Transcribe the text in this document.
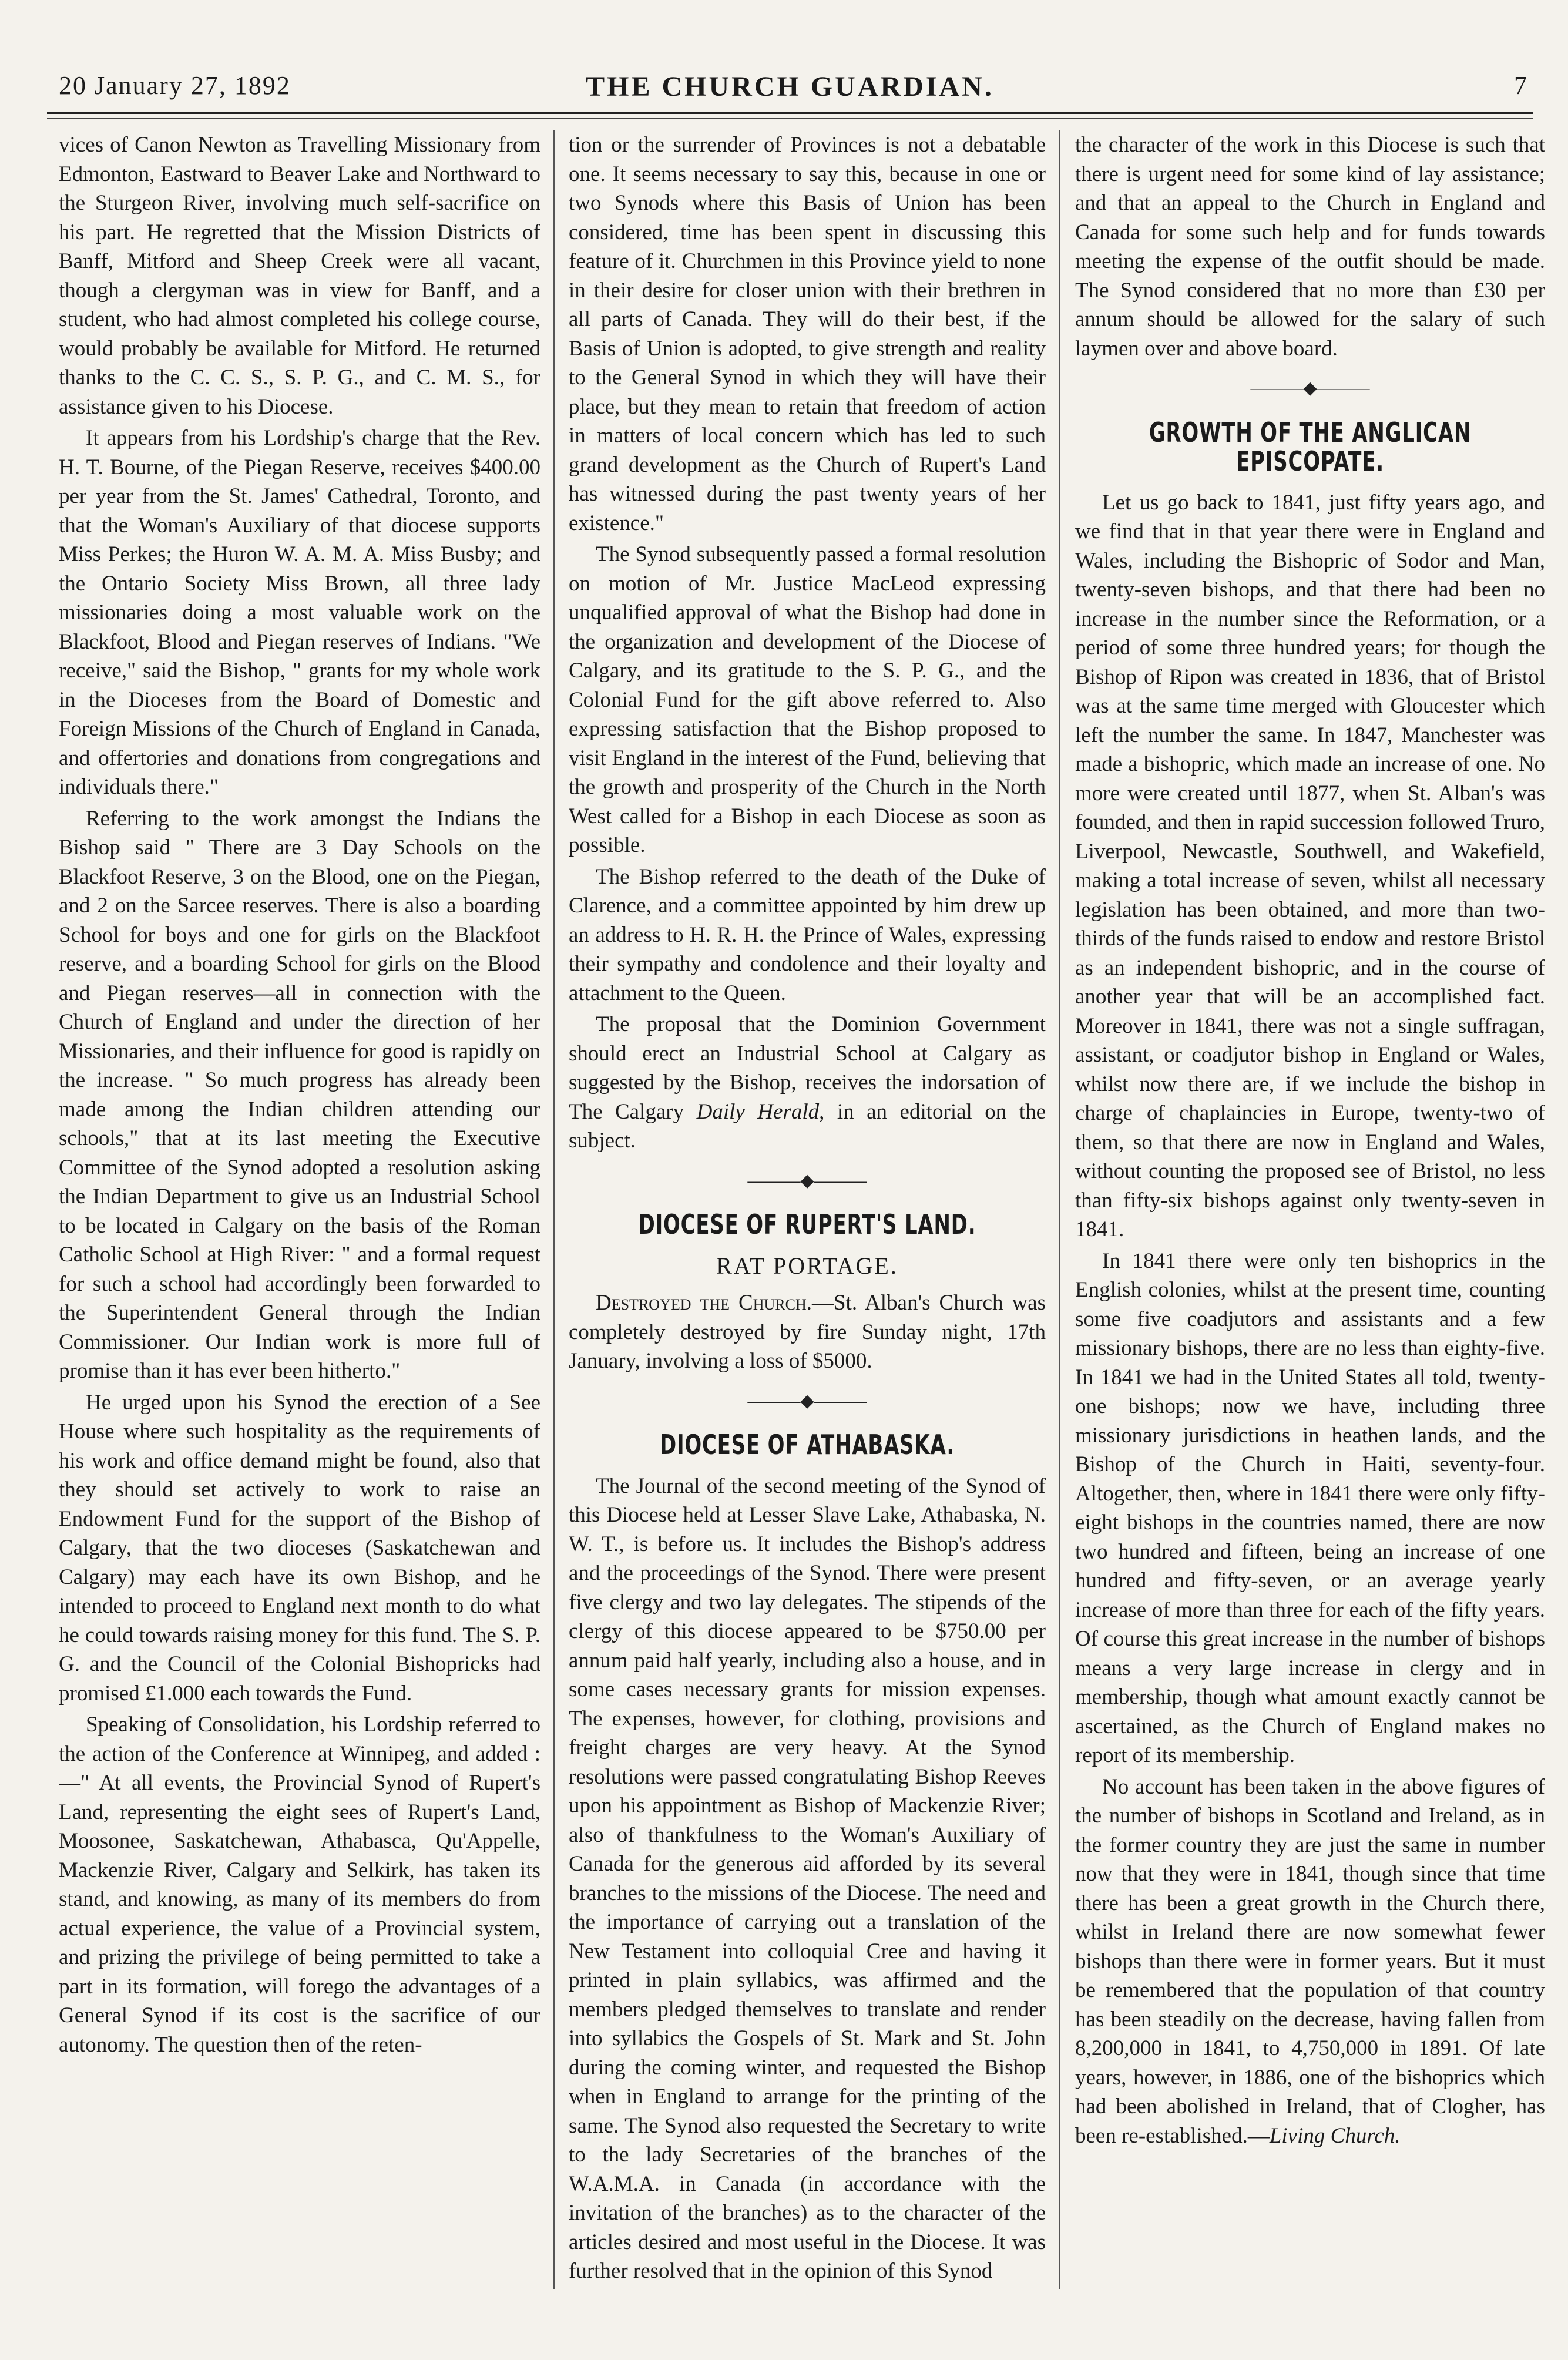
20 January 27, 1892	THE CHURCH GUARDIAN.	7

vices of Canon Newton as Travelling Missionary from Edmonton, Eastward to Beaver Lake and Northward to the Sturgeon River, involving much self-sacrifice on his part. He regretted that the Mission Districts of Banff, Mitford and Sheep Creek were all vacant, though a clergyman was in view for Banff, and a student, who had almost completed his college course, would probably be available for Mitford. He returned thanks to the C. C. S., S. P. G., and C. M. S., for assistance given to his Diocese.

It appears from his Lordship's charge that the Rev. H. T. Bourne, of the Piegan Reserve, receives $400.00 per year from the St. James' Cathedral, Toronto, and that the Woman's Auxiliary of that diocese supports Miss Perkes; the Huron W. A. M. A. Miss Busby; and the Ontario Society Miss Brown, all three lady missionaries doing a most valuable work on the Blackfoot, Blood and Piegan reserves of Indians. "We receive," said the Bishop, " grants for my whole work in the Dioceses from the Board of Domestic and Foreign Missions of the Church of England in Canada, and offertories and donations from congregations and individuals there."

Referring to the work amongst the Indians the Bishop said " There are 3 Day Schools on the Blackfoot Reserve, 3 on the Blood, one on the Piegan, and 2 on the Sarcee reserves. There is also a boarding School for boys and one for girls on the Blackfoot reserve, and a boarding School for girls on the Blood and Piegan reserves—all in connection with the Church of England and under the direction of her Missionaries, and their influence for good is rapidly on the increase. " So much progress has already been made among the Indian children attending our schools," that at its last meeting the Executive Committee of the Synod adopted a resolution asking the Indian Department to give us an Industrial School to be located in Calgary on the basis of the Roman Catholic School at High River: " and a formal request for such a school had accordingly been forwarded to the Superintendent General through the Indian Commissioner. Our Indian work is more full of promise than it has ever been hitherto."

He urged upon his Synod the erection of a See House where such hospitality as the requirements of his work and office demand might be found, also that they should set actively to work to raise an Endowment Fund for the support of the Bishop of Calgary, that the two dioceses (Saskatchewan and Calgary) may each have its own Bishop, and he intended to proceed to England next month to do what he could towards raising money for this fund. The S. P. G. and the Council of the Colonial Bishopricks had promised £1.000 each towards the Fund.

Speaking of Consolidation, his Lordship referred to the action of the Conference at Winnipeg, and added :—" At all events, the Provincial Synod of Rupert's Land, representing the eight sees of Rupert's Land, Moosonee, Saskatchewan, Athabasca, Qu'Appelle, Mackenzie River, Calgary and Selkirk, has taken its stand, and knowing, as many of its members do from actual experience, the value of a Provincial system, and prizing the privilege of being permitted to take a part in its formation, will forego the advantages of a General Synod if its cost is the sacrifice of our autonomy. The question then of the reten-

tion or the surrender of Provinces is not a debatable one. It seems necessary to say this, because in one or two Synods where this Basis of Union has been considered, time has been spent in discussing this feature of it. Churchmen in this Province yield to none in their desire for closer union with their brethren in all parts of Canada. They will do their best, if the Basis of Union is adopted, to give strength and reality to the General Synod in which they will have their place, but they mean to retain that freedom of action in matters of local concern which has led to such grand development as the Church of Rupert's Land has witnessed during the past twenty years of her existence."

The Synod subsequently passed a formal resolution on motion of Mr. Justice MacLeod expressing unqualified approval of what the Bishop had done in the organization and development of the Diocese of Calgary, and its gratitude to the S. P. G., and the Colonial Fund for the gift above referred to. Also expressing satisfaction that the Bishop proposed to visit England in the interest of the Fund, believing that the growth and prosperity of the Church in the North West called for a Bishop in each Diocese as soon as possible.

The Bishop referred to the death of the Duke of Clarence, and a committee appointed by him drew up an address to H. R. H. the Prince of Wales, expressing their sympathy and condolence and their loyalty and attachment to the Queen.

The proposal that the Dominion Government should erect an Industrial School at Calgary as suggested by the Bishop, receives the indorsation of The Calgary Daily Herald, in an editorial on the subject.

———◆———
DIOCESE OF RUPERT'S LAND.
RAT PORTAGE.

Destroyed the Church.—St. Alban's Church was completely destroyed by fire Sunday night, 17th January, involving a loss of $5000.

———◆———
DIOCESE OF ATHABASKA.

The Journal of the second meeting of the Synod of this Diocese held at Lesser Slave Lake, Athabaska, N. W. T., is before us. It includes the Bishop's address and the proceedings of the Synod. There were present five clergy and two lay delegates. The stipends of the clergy of this diocese appeared to be $750.00 per annum paid half yearly, including also a house, and in some cases necessary grants for mission expenses. The expenses, however, for clothing, provisions and freight charges are very heavy. At the Synod resolutions were passed congratulating Bishop Reeves upon his appointment as Bishop of Mackenzie River; also of thankfulness to the Woman's Auxiliary of Canada for the generous aid afforded by its several branches to the missions of the Diocese. The need and the importance of carrying out a translation of the New Testament into colloquial Cree and having it printed in plain syllabics, was affirmed and the members pledged themselves to translate and render into syllabics the Gospels of St. Mark and St. John during the coming winter, and requested the Bishop when in England to arrange for the printing of the same. The Synod also requested the Secretary to write to the lady Secretaries of the branches of the W.A.M.A. in Canada (in accordance with the invitation of the branches) as to the character of the articles desired and most useful in the Diocese. It was further resolved that in the opinion of this Synod

the character of the work in this Diocese is such that there is urgent need for some kind of lay assistance; and that an appeal to the Church in England and Canada for some such help and for funds towards meeting the expense of the outfit should be made. The Synod considered that no more than £30 per annum should be allowed for the salary of such laymen over and above board.

———◆———
GROWTH OF THE ANGLICAN EPISCOPATE.

Let us go back to 1841, just fifty years ago, and we find that in that year there were in England and Wales, including the Bishopric of Sodor and Man, twenty-seven bishops, and that there had been no increase in the number since the Reformation, or a period of some three hundred years; for though the Bishop of Ripon was created in 1836, that of Bristol was at the same time merged with Gloucester which left the number the same. In 1847, Manchester was made a bishopric, which made an increase of one. No more were created until 1877, when St. Alban's was founded, and then in rapid succession followed Truro, Liverpool, Newcastle, Southwell, and Wakefield, making a total increase of seven, whilst all necessary legislation has been obtained, and more than two-thirds of the funds raised to endow and restore Bristol as an independent bishopric, and in the course of another year that will be an accomplished fact. Moreover in 1841, there was not a single suffragan, assistant, or coadjutor bishop in England or Wales, whilst now there are, if we include the bishop in charge of chaplaincies in Europe, twenty-two of them, so that there are now in England and Wales, without counting the proposed see of Bristol, no less than fifty-six bishops against only twenty-seven in 1841.

In 1841 there were only ten bishoprics in the English colonies, whilst at the present time, counting some five coadjutors and assistants and a few missionary bishops, there are no less than eighty-five. In 1841 we had in the United States all told, twenty-one bishops; now we have, including three missionary jurisdictions in heathen lands, and the Bishop of the Church in Haiti, seventy-four. Altogether, then, where in 1841 there were only fifty-eight bishops in the countries named, there are now two hundred and fifteen, being an increase of one hundred and fifty-seven, or an average yearly increase of more than three for each of the fifty years. Of course this great increase in the number of bishops means a very large increase in clergy and in membership, though what amount exactly cannot be ascertained, as the Church of England makes no report of its membership.

No account has been taken in the above figures of the number of bishops in Scotland and Ireland, as in the former country they are just the same in number now that they were in 1841, though since that time there has been a great growth in the Church there, whilst in Ireland there are now somewhat fewer bishops than there were in former years. But it must be remembered that the population of that country has been steadily on the decrease, having fallen from 8,200,000 in 1841, to 4,750,000 in 1891. Of late years, however, in 1886, one of the bishoprics which had been abolished in Ireland, that of Clogher, has been re-established.—Living Church.
